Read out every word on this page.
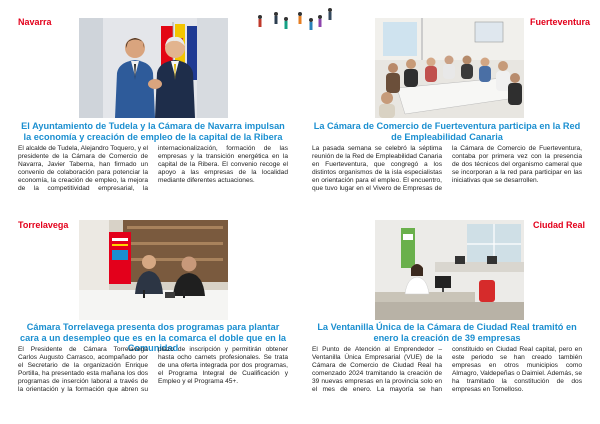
Navarra
El Ayuntamiento de Tudela y la Cámara de Navarra impulsan la economía y creación de empleo de la capital de la Ribera

El alcalde de Tudela, Alejandro Toquero, y el presidente de la Cámara de Comercio de Navarra, Javier Taberna, han firmado un convenio de colaboración para potenciar la economía, la creación de empleo, la mejora de la competitividad empresarial, la internacionalización, formación de las empresas y la transición energética en la capital de la Ribera. El convenio recoge el apoyo a las empresas de la localidad mediante diferentes actuaciones.

Fuerteventura
La Cámara de Comercio de Fuerteventura participa en la Red de Empleabilidad Canaria

La pasada semana se celebró la séptima reunión de la Red de Empleabilidad Canaria en Fuerteventura, que congregó a los distintos organismos de la isla especialistas en orientación para el empleo. El encuentro, que tuvo lugar en el Vivero de Empresas de la Cámara de Comercio de Fuerteventura, contaba por primera vez con la presencia de dos técnicos del organismo cameral que se incorporan a la red para participar en las iniciativas que se desarrollen.

Torrelavega
Cámara Torrelavega presenta dos programas para plantar cara a un desempleo que es en la comarca el doble que en la Comunidad

El Presidente de Cámara Torrelavega Carlos Augusto Carrasco, acompañado por el Secretario de la organización Enrique Portilla, ha presentado esta mañana los dos programas de inserción laboral a través de la orientación y la formación que abren su plazo de inscripción y permitirán obtener hasta ocho carnets profesionales. Se trata de una oferta integrada por dos programas, el Programa Integral de Cualificación y Empleo y el Programa 45+.

Ciudad Real
La Ventanilla Única de la Cámara de Ciudad Real tramitó en enero la creación de 39 empresas

El Punto de Atención al Emprendedor – Ventanilla Única Empresarial (VUE) de la Cámara de Comercio de Ciudad Real ha comenzado 2024 tramitando la creación de 39 nuevas empresas en la provincia solo en el mes de enero. La mayoría se han constituido en Ciudad Real capital, pero en este periodo se han creado también empresas en otros municipios como Almagro, Valdepeñas o Daimiel. Además, se ha tramitado la constitución de dos empresas en Tomelloso.
